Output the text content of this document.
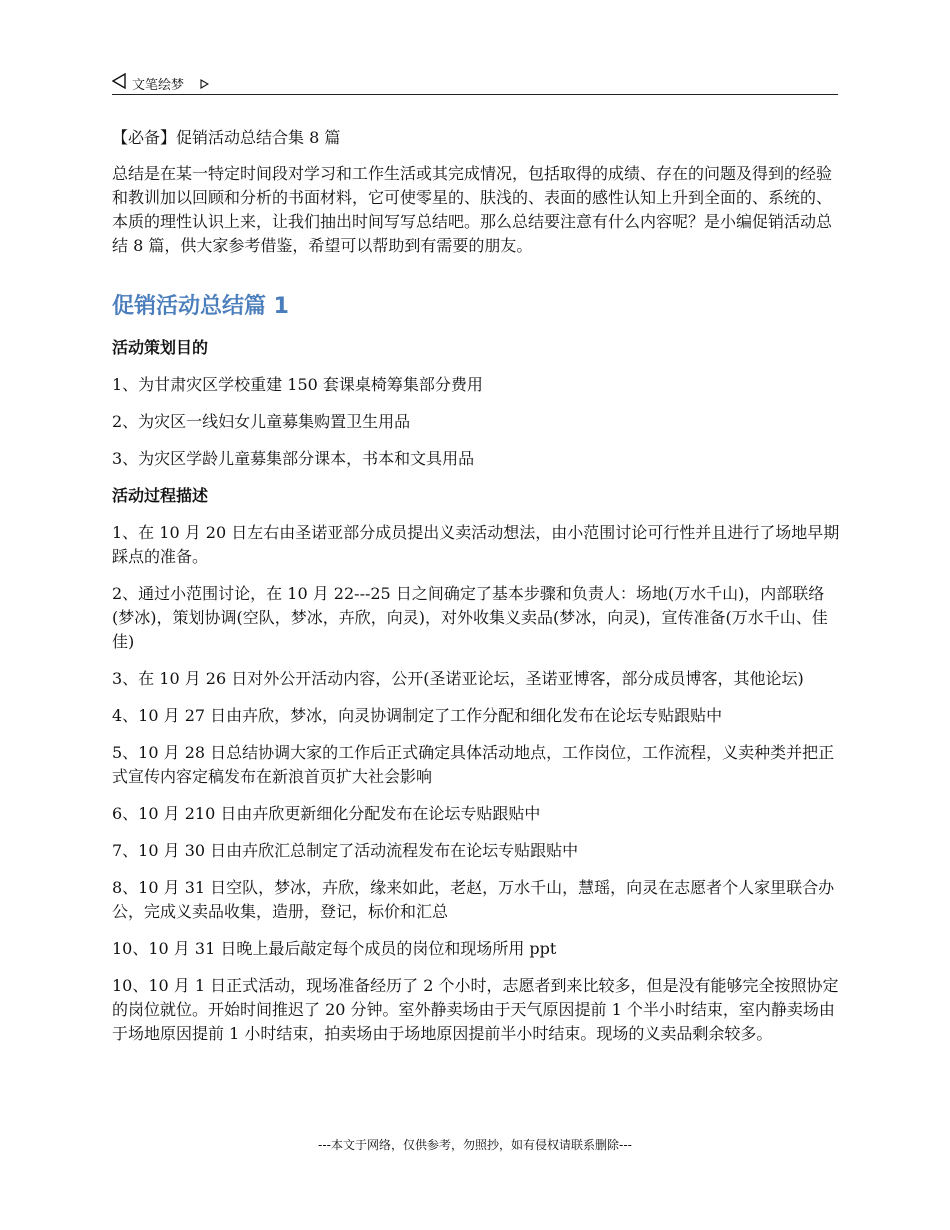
文笔绘梦

【必备】促销活动总结合集 8 篇

总结是在某一特定时间段对学习和工作生活或其完成情况，包括取得的成绩、存在的问题及得到的经验和教训加以回顾和分析的书面材料，它可使零星的、肤浅的、表面的感性认知上升到全面的、系统的、本质的理性认识上来，让我们抽出时间写写总结吧。那么总结要注意有什么内容呢？是小编促销活动总结 8 篇，供大家参考借鉴，希望可以帮助到有需要的朋友。

促销活动总结篇 1
活动策划目的

1、为甘肃灾区学校重建 150 套课桌椅筹集部分费用

2、为灾区一线妇女儿童募集购置卫生用品

3、为灾区学龄儿童募集部分课本，书本和文具用品

活动过程描述

1、在 10 月 20 日左右由圣诺亚部分成员提出义卖活动想法，由小范围讨论可行性并且进行了场地早期踩点的准备。

2、通过小范围讨论，在 10 月 22---25 日之间确定了基本步骤和负责人：场地(万水千山)，内部联络(梦冰)，策划协调(空队，梦冰，卉欣，向灵)，对外收集义卖品(梦冰，向灵)，宣传准备(万水千山、佳佳)

3、在 10 月 26 日对外公开活动内容，公开(圣诺亚论坛，圣诺亚博客，部分成员博客，其他论坛)

4、10 月 27 日由卉欣，梦冰，向灵协调制定了工作分配和细化发布在论坛专贴跟贴中

5、10 月 28 日总结协调大家的工作后正式确定具体活动地点，工作岗位，工作流程，义卖种类并把正式宣传内容定稿发布在新浪首页扩大社会影响

6、10 月 210 日由卉欣更新细化分配发布在论坛专贴跟贴中

7、10 月 30 日由卉欣汇总制定了活动流程发布在论坛专贴跟贴中

8、10 月 31 日空队，梦冰，卉欣，缘来如此，老赵，万水千山，慧瑶，向灵在志愿者个人家里联合办公，完成义卖品收集，造册，登记，标价和汇总

10、10 月 31 日晚上最后敲定每个成员的岗位和现场所用 ppt

10、10 月 1 日正式活动，现场准备经历了 2 个小时，志愿者到来比较多，但是没有能够完全按照协定的岗位就位。开始时间推迟了 20 分钟。室外静卖场由于天气原因提前 1 个半小时结束，室内静卖场由于场地原因提前 1 小时结束，拍卖场由于场地原因提前半小时结束。现场的义卖品剩余较多。

---本文于网络，仅供参考，勿照抄，如有侵权请联系删除---
